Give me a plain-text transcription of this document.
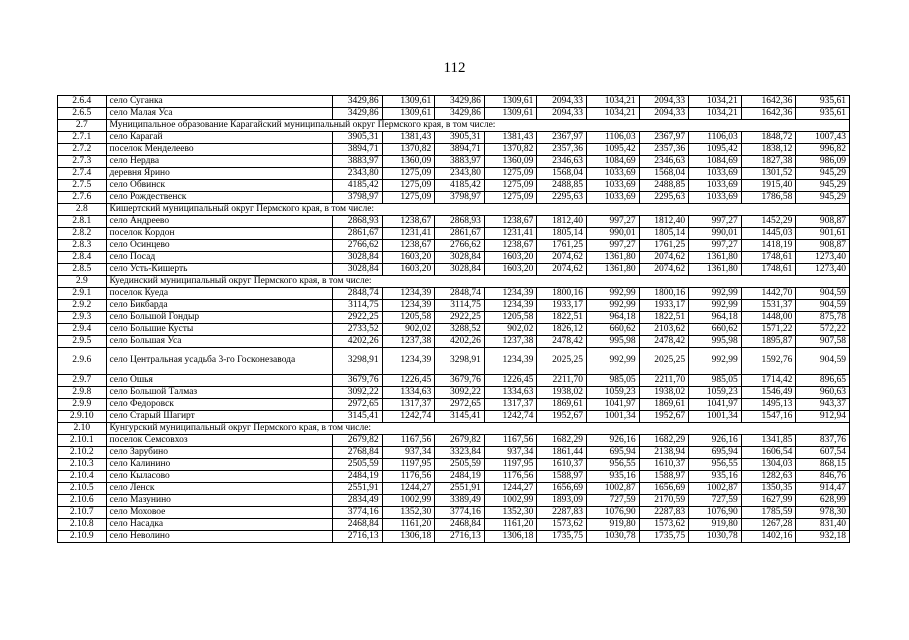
112
2.6.4	село Суганка	3429,86	1309,61	3429,86	1309,61	2094,33	1034,21	2094,33	1034,21	1642,36	935,61
2.6.5	село Малая Уса	3429,86	1309,61	3429,86	1309,61	2094,33	1034,21	2094,33	1034,21	1642,36	935,61
2.7	Муниципальное образование Карагайский муниципальный округ Пермского края, в том числе:										
2.7.1	село Карагай	3905,31	1381,43	3905,31	1381,43	2367,97	1106,03	2367,97	1106,03	1848,72	1007,43
2.7.2	поселок Менделеево	3894,71	1370,82	3894,71	1370,82	2357,36	1095,42	2357,36	1095,42	1838,12	996,82
2.7.3	село Нердва	3883,97	1360,09	3883,97	1360,09	2346,63	1084,69	2346,63	1084,69	1827,38	986,09
2.7.4	деревня Ярино	2343,80	1275,09	2343,80	1275,09	1568,04	1033,69	1568,04	1033,69	1301,52	945,29
2.7.5	село Обвинск	4185,42	1275,09	4185,42	1275,09	2488,85	1033,69	2488,85	1033,69	1915,40	945,29
2.7.6	село Рождественск	3798,97	1275,09	3798,97	1275,09	2295,63	1033,69	2295,63	1033,69	1786,58	945,29
2.8	Кишертский муниципальный округ Пермского края, в том числе:										
2.8.1	село Андреево	2868,93	1238,67	2868,93	1238,67	1812,40	997,27	1812,40	997,27	1452,29	908,87
2.8.2	поселок Кордон	2861,67	1231,41	2861,67	1231,41	1805,14	990,01	1805,14	990,01	1445,03	901,61
2.8.3	село Осинцево	2766,62	1238,67	2766,62	1238,67	1761,25	997,27	1761,25	997,27	1418,19	908,87
2.8.4	село Посад	3028,84	1603,20	3028,84	1603,20	2074,62	1361,80	2074,62	1361,80	1748,61	1273,40
2.8.5	село Усть-Кишерть	3028,84	1603,20	3028,84	1603,20	2074,62	1361,80	2074,62	1361,80	1748,61	1273,40
2.9	Куединский муниципальный округ Пермского края, в том числе:										
2.9.1	поселок Куеда	2848,74	1234,39	2848,74	1234,39	1800,16	992,99	1800,16	992,99	1442,70	904,59
2.9.2	село Бикбарда	3114,75	1234,39	3114,75	1234,39	1933,17	992,99	1933,17	992,99	1531,37	904,59
2.9.3	село Большой Гондыр	2922,25	1205,58	2922,25	1205,58	1822,51	964,18	1822,51	964,18	1448,00	875,78
2.9.4	село Большие Кусты	2733,52	902,02	3288,52	902,02	1826,12	660,62	2103,62	660,62	1571,22	572,22
2.9.5	село Большая Уса	4202,26	1237,38	4202,26	1237,38	2478,42	995,98	2478,42	995,98	1895,87	907,58
2.9.6	село Центральная усадьба 3-го Госконезавода	3298,91	1234,39	3298,91	1234,39	2025,25	992,99	2025,25	992,99	1592,76	904,59
2.9.7	село Ошья	3679,76	1226,45	3679,76	1226,45	2211,70	985,05	2211,70	985,05	1714,42	896,65
2.9.8	село Большой Талмаз	3092,22	1334,63	3092,22	1334,63	1938,02	1059,23	1938,02	1059,23	1546,49	960,63
2.9.9	село Федоровск	2972,65	1317,37	2972,65	1317,37	1869,61	1041,97	1869,61	1041,97	1495,13	943,37
2.9.10	село Старый Шагирт	3145,41	1242,74	3145,41	1242,74	1952,67	1001,34	1952,67	1001,34	1547,16	912,94
2.10	Кунгурский муниципальный округ Пермского края, в том числе:										
2.10.1	поселок Семсовхоз	2679,82	1167,56	2679,82	1167,56	1682,29	926,16	1682,29	926,16	1341,85	837,76
2.10.2	село Зарубино	2768,84	937,34	3323,84	937,34	1861,44	695,94	2138,94	695,94	1606,54	607,54
2.10.3	село Калинино	2505,59	1197,95	2505,59	1197,95	1610,37	956,55	1610,37	956,55	1304,03	868,15
2.10.4	село Кыласово	2484,19	1176,56	2484,19	1176,56	1588,97	935,16	1588,97	935,16	1282,63	846,76
2.10.5	село Ленск	2551,91	1244,27	2551,91	1244,27	1656,69	1002,87	1656,69	1002,87	1350,35	914,47
2.10.6	село Мазунино	2834,49	1002,99	3389,49	1002,99	1893,09	727,59	2170,59	727,59	1627,99	628,99
2.10.7	село Моховое	3774,16	1352,30	3774,16	1352,30	2287,83	1076,90	2287,83	1076,90	1785,59	978,30
2.10.8	село Насадка	2468,84	1161,20	2468,84	1161,20	1573,62	919,80	1573,62	919,80	1267,28	831,40
2.10.9	село Неволино	2716,13	1306,18	2716,13	1306,18	1735,75	1030,78	1735,75	1030,78	1402,16	932,18
